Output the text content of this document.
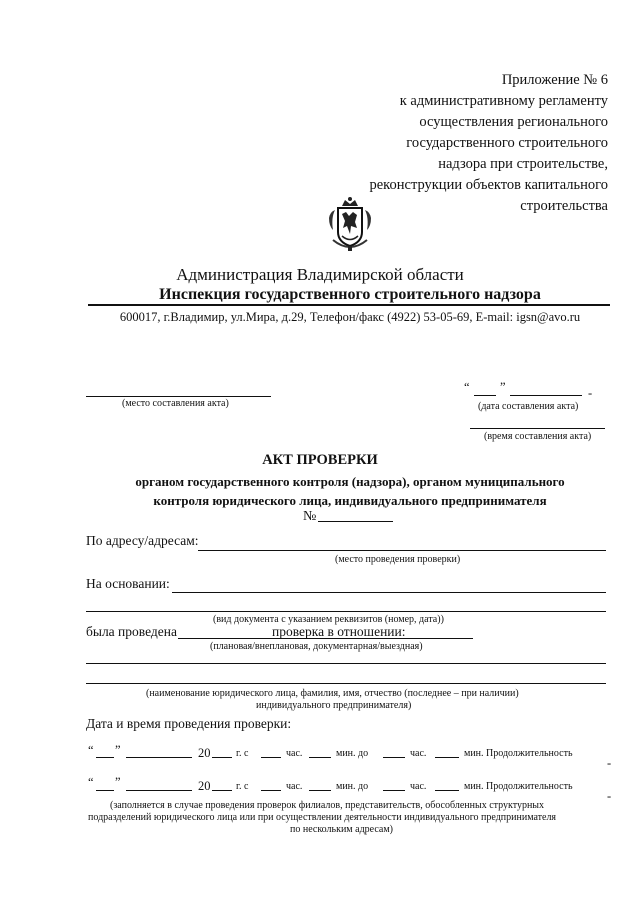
Приложение № 6
к административному регламенту
осуществления регионального
государственного строительного
надзора при строительстве,
реконструкции объектов капитального
строительства
Администрация Владимирской области
Инспекция государственного строительного надзора
600017, г.Владимир, ул.Мира, д.29, Телефон/факс (4922) 53-05-69, E-mail: igsn@avo.ru
(место составления акта)
“ ”	-
(дата составления акта)
(время составления акта)
АКТ ПРОВЕРКИ
органом государственного контроля (надзора), органом муниципального
контроля юридического лица, индивидуального предпринимателя
№
По адресу/адресам:
(место проведения проверки)
На основании:
(вид документа с указанием реквизитов (номер, дата))
была проведена	проверка в отношении:
(плановая/внеплановая, документарная/выездная)
(наименование юридического лица, фамилия, имя, отчество (последнее – при наличии)
индивидуального предпринимателя)
Дата и время проведения проверки:
“ ”	20	г. с	час.	мин. до	час.	мин. Продолжительность
-
“ ”	20	г. с	час.	мин. до	час.	мин. Продолжительность
-
(заполняется в случае проведения проверок филиалов, представительств, обособленных структурных
подразделений юридического лица или при осуществлении деятельности индивидуального предпринимателя
по нескольким адресам)
